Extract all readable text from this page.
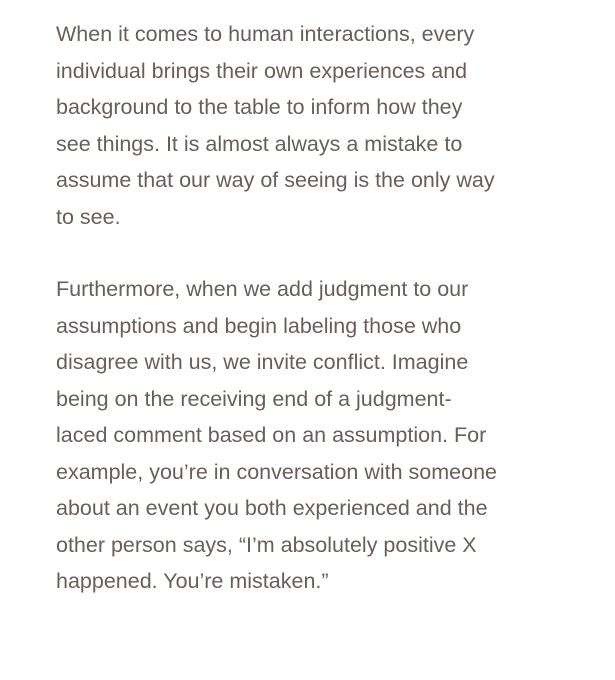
When it comes to human interactions, every
individual brings their own experiences and
background to the table to inform how they
see things. It is almost always a mistake to
assume that our way of seeing is the only way
to see.

Furthermore, when we add judgment to our
assumptions and begin labeling those who
disagree with us, we invite conflict. Imagine
being on the receiving end of a judgment-
laced comment based on an assumption. For
example, you’re in conversation with someone
about an event you both experienced and the
other person says, “I’m absolutely positive X
happened. You’re mistaken.”
